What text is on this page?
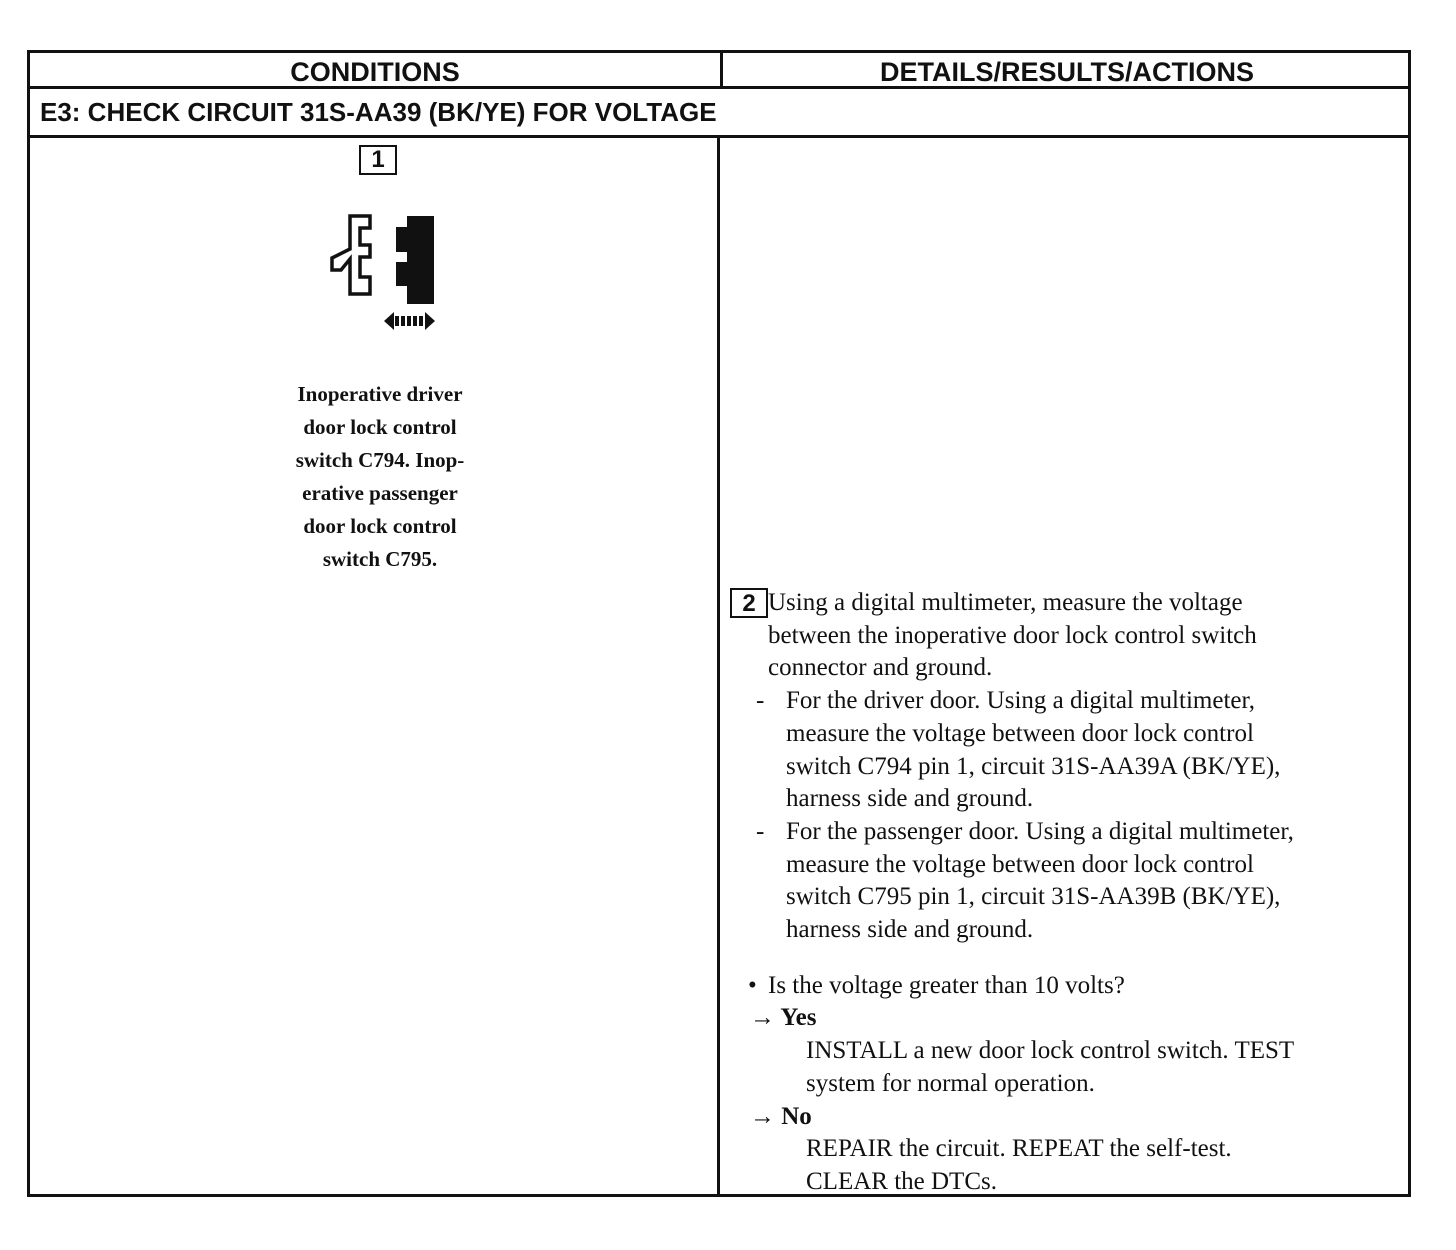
CONDITIONS	DETAILS/RESULTS/ACTIONS
E3: CHECK CIRCUIT 31S-AA39 (BK/YE) FOR VOLTAGE
1
Inoperative driver
door lock control
switch C794. Inop-
erative passenger
door lock control
switch C795.
2 Using a digital multimeter, measure the voltage
between the inoperative door lock control switch
connector and ground.
- For the driver door. Using a digital multimeter,
measure the voltage between door lock control
switch C794 pin 1, circuit 31S-AA39A (BK/YE),
harness side and ground.
- For the passenger door. Using a digital multimeter,
measure the voltage between door lock control
switch C795 pin 1, circuit 31S-AA39B (BK/YE),
harness side and ground.
• Is the voltage greater than 10 volts?
→ Yes
INSTALL a new door lock control switch. TEST
system for normal operation.
→ No
REPAIR the circuit. REPEAT the self-test.
CLEAR the DTCs.
